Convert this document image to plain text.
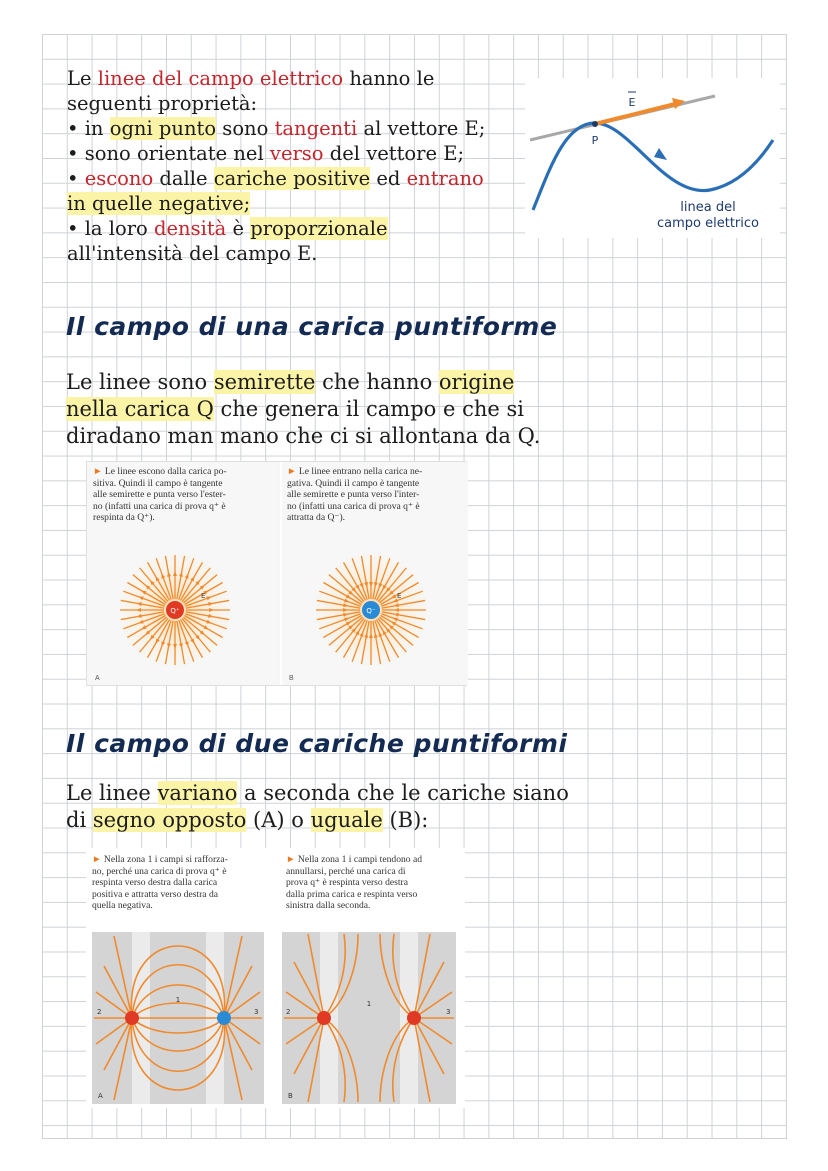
Le linee del campo elettrico hanno le
seguenti proprietà:
• in ogni punto sono tangenti al vettore E;
• sono orientate nel verso del vettore E;
• escono dalle cariche positive ed entrano
in quelle negative;
• la loro densità è proporzionale
all'intensità del campo E.
P
E
linea del
campo elettrico
Il campo di una carica puntiforme
Le linee sono semirette che hanno origine
nella carica Q che genera il campo e che si
diradano man mano che ci si allontana da Q.
► Le linee escono dalla carica po-
sitiva. Quindi il campo è tangente
alle semirette e punta verso l'ester-
no (infatti una carica di prova q⁺ è
respinta da Q⁺).
► Le linee entrano nella carica ne-
gativa. Quindi il campo è tangente
alle semirette e punta verso l'inter-
no (infatti una carica di prova q⁺ è
attratta da Q⁻).
Q⁺
E
Q⁻
E
A	B
Il campo di due cariche puntiformi
Le linee variano a seconda che le cariche siano
di segno opposto (A) o uguale (B):
► Nella zona 1 i campi si rafforza-
no, perché una carica di prova q⁺ è
respinta verso destra dalla carica
positiva e attratta verso destra da
quella negativa.
► Nella zona 1 i campi tendono ad
annullarsi, perché una carica di
prova q⁺ è respinta verso destra
dalla prima carica e respinta verso
sinistra dalla seconda.
1
2	3
A
1
2	3
B
